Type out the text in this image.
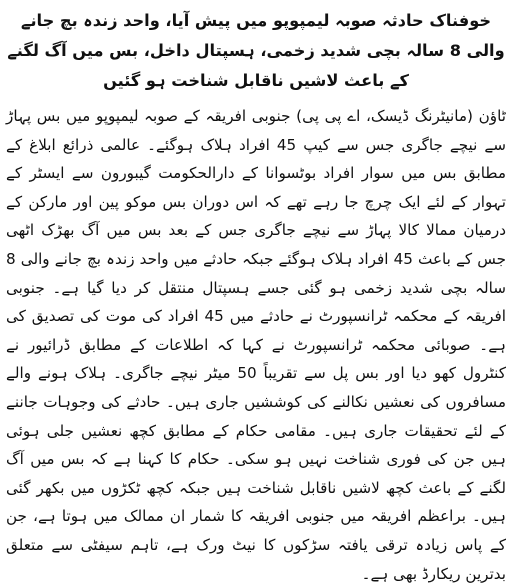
خوفناک حادثہ صوبہ لیمپوپو میں پیش آیا، واحد زندہ بچ جانے والی 8 سالہ بچی شدید زخمی، ہسپتال داخل، بس میں آگ لگنے کے باعث لاشیں ناقابل شناخت ہو گئیں

ٹاؤن (مانیٹرنگ ڈیسک، اے پی پی) جنوبی افریقہ کے صوبہ لیمپوپو میں بس پہاڑ سے نیچے جاگری جس سے کیپ 45 افراد ہلاک ہوگئے۔ عالمی ذرائع ابلاغ کے مطابق بس میں سوار افراد بوٹسوانا کے دارالحکومت گیبورون سے ایسٹر کے تہوار کے لئے ایک چرچ جا رہے تھے کہ اس دوران بس موکو پین اور مارکن کے درمیان ممالا کالا پہاڑ سے نیچے جاگری جس کے بعد بس میں آگ بھڑک اٹھی جس کے باعث 45 افراد ہلاک ہوگئے جبکہ حادثے میں واحد زندہ بچ جانے والی 8 سالہ بچی شدید زخمی ہو گئی جسے ہسپتال منتقل کر دیا گیا ہے۔ جنوبی افریقہ کے محکمہ ٹرانسپورٹ نے حادثے میں 45 افراد کی موت کی تصدیق کی ہے۔ صوبائی محکمہ ٹرانسپورٹ نے کہا کہ اطلاعات کے مطابق ڈرائیور نے کنٹرول کھو دیا اور بس پل سے تقریباً 50 میٹر نیچے جاگری۔ ہلاک ہونے والے مسافروں کی نعشیں نکالنے کی کوششیں جاری ہیں۔ حادثے کی وجوہات جاننے کے لئے تحقیقات جاری ہیں۔ مقامی حکام کے مطابق کچھ نعشیں جلی ہوئی ہیں جن کی فوری شناخت نہیں ہو سکی۔ حکام کا کہنا ہے کہ بس میں آگ لگنے کے باعث کچھ لاشیں ناقابل شناخت ہیں جبکہ کچھ ٹکڑوں میں بکھر گئی ہیں۔ براعظم افریقہ میں جنوبی افریقہ کا شمار ان ممالک میں ہوتا ہے، جن کے پاس زیادہ ترقی یافتہ سڑکوں کا نیٹ ورک ہے، تاہم سیفٹی سے متعلق بدترین ریکارڈ بھی ہے۔
